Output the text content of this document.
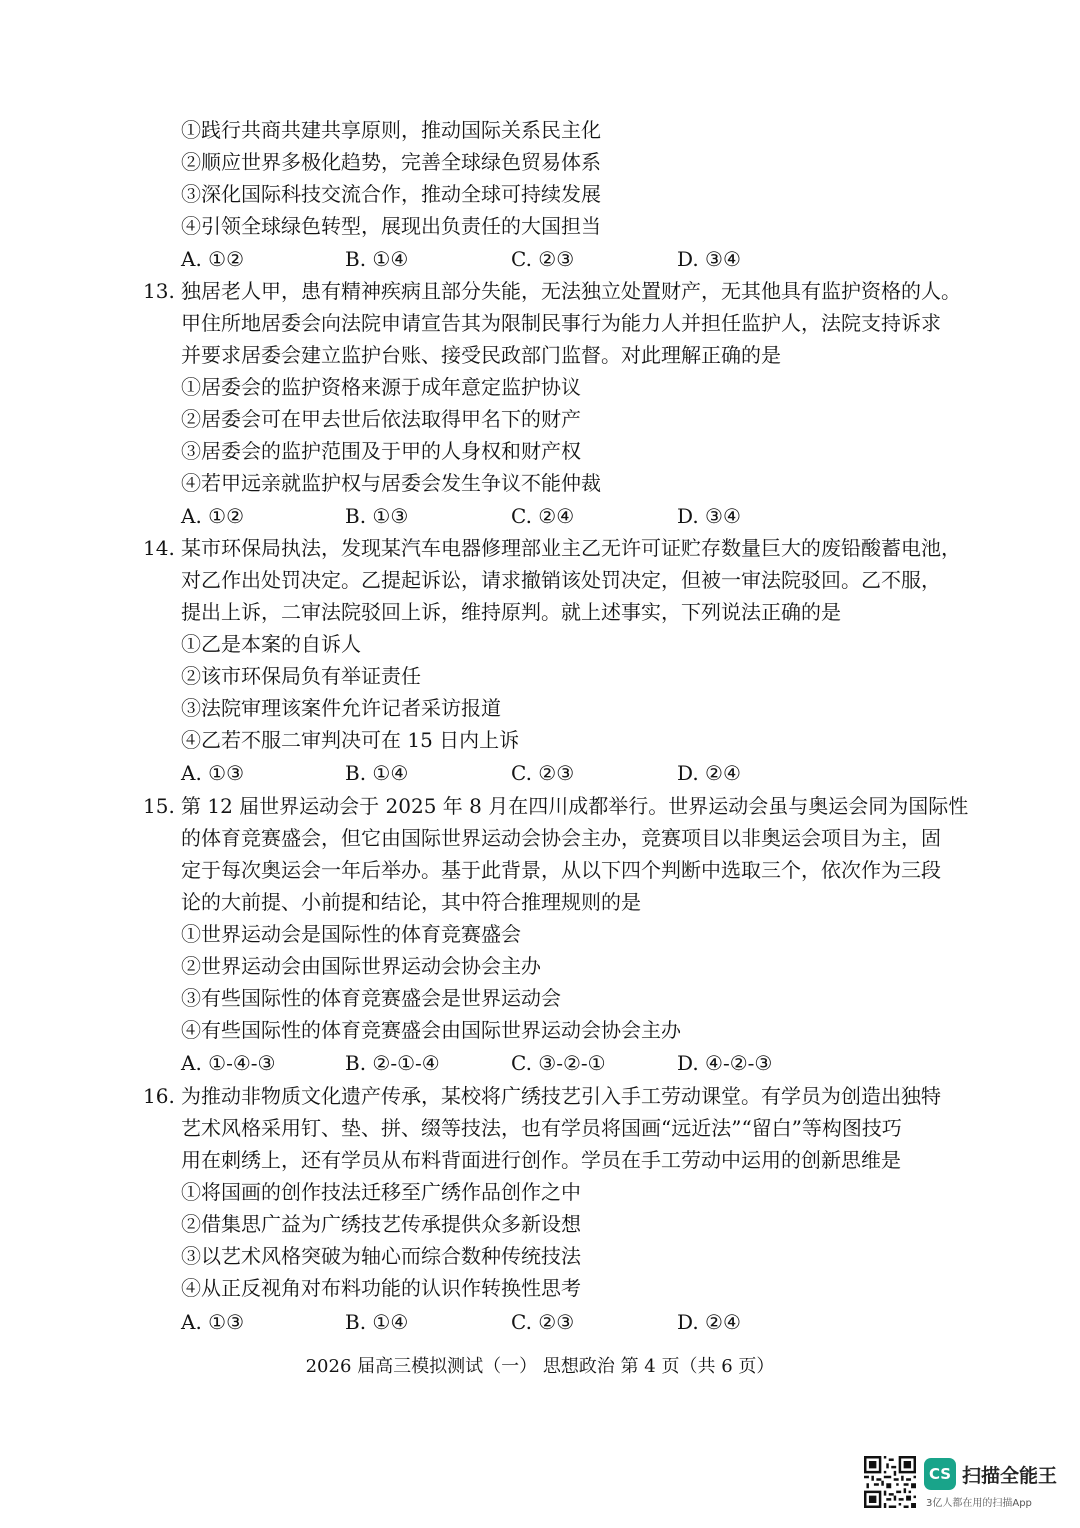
①践行共商共建共享原则，推动国际关系民主化
②顺应世界多极化趋势，完善全球绿色贸易体系
③深化国际科技交流合作，推动全球可持续发展
④引领全球绿色转型，展现出负责任的大国担当
A. ①②	B. ①④	C. ②③	D. ③④
13. 独居老人甲，患有精神疾病且部分失能，无法独立处置财产，无其他具有监护资格的人。
甲住所地居委会向法院申请宣告其为限制民事行为能力人并担任监护人，法院支持诉求
并要求居委会建立监护台账、接受民政部门监督。对此理解正确的是
①居委会的监护资格来源于成年意定监护协议
②居委会可在甲去世后依法取得甲名下的财产
③居委会的监护范围及于甲的人身权和财产权
④若甲远亲就监护权与居委会发生争议不能仲裁
A. ①②	B. ①③	C. ②④	D. ③④
14. 某市环保局执法，发现某汽车电器修理部业主乙无许可证贮存数量巨大的废铅酸蓄电池，
对乙作出处罚决定。乙提起诉讼，请求撤销该处罚决定，但被一审法院驳回。乙不服，
提出上诉，二审法院驳回上诉，维持原判。就上述事实，下列说法正确的是
①乙是本案的自诉人
②该市环保局负有举证责任
③法院审理该案件允许记者采访报道
④乙若不服二审判决可在 15 日内上诉
A. ①③	B. ①④	C. ②③	D. ②④
15. 第 12 届世界运动会于 2025 年 8 月在四川成都举行。世界运动会虽与奥运会同为国际性
的体育竞赛盛会，但它由国际世界运动会协会主办，竞赛项目以非奥运会项目为主，固
定于每次奥运会一年后举办。基于此背景，从以下四个判断中选取三个，依次作为三段
论的大前提、小前提和结论，其中符合推理规则的是
①世界运动会是国际性的体育竞赛盛会
②世界运动会由国际世界运动会协会主办
③有些国际性的体育竞赛盛会是世界运动会
④有些国际性的体育竞赛盛会由国际世界运动会协会主办
A. ①-④-③	B. ②-①-④	C. ③-②-①	D. ④-②-③
16. 为推动非物质文化遗产传承，某校将广绣技艺引入手工劳动课堂。有学员为创造出独特
艺术风格采用钉、垫、拼、缀等技法，也有学员将国画“远近法”“留白”等构图技巧
用在刺绣上，还有学员从布料背面进行创作。学员在手工劳动中运用的创新思维是
①将国画的创作技法迁移至广绣作品创作之中
②借集思广益为广绣技艺传承提供众多新设想
③以艺术风格突破为轴心而综合数种传统技法
④从正反视角对布料功能的认识作转换性思考
A. ①③	B. ①④	C. ②③	D. ②④
2026 届高三模拟测试（一） 思想政治 第 4 页（共 6 页）
CS 扫描全能王
3亿人都在用的扫描App
